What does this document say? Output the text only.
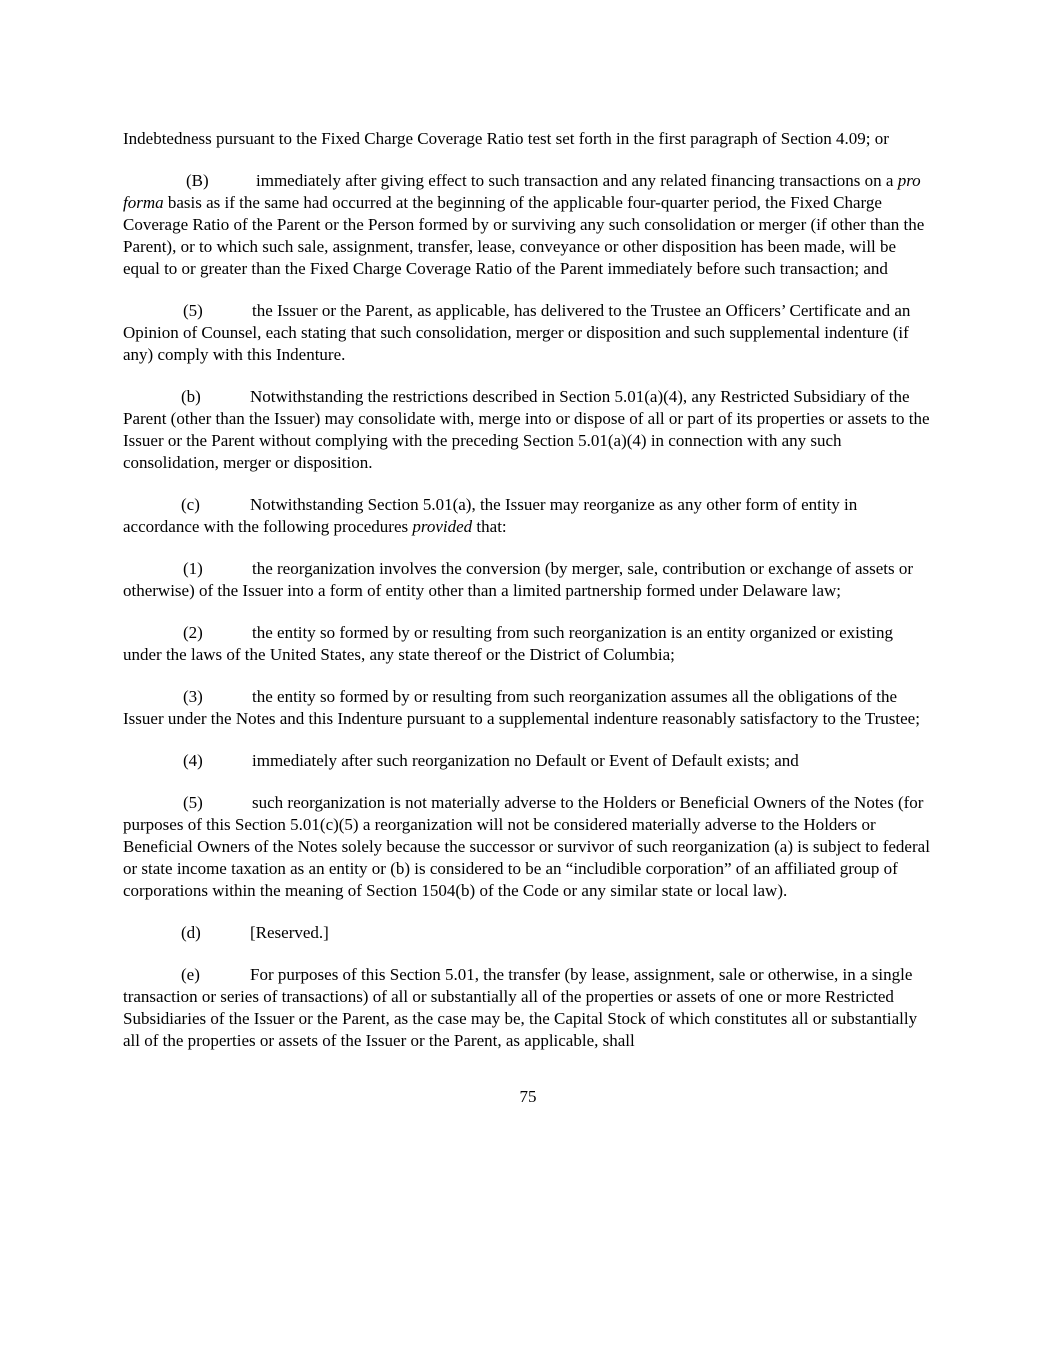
Indebtedness pursuant to the Fixed Charge Coverage Ratio test set forth in the first paragraph of Section 4.09; or

(B)	immediately after giving effect to such transaction and any related financing transactions on a pro forma basis as if the same had occurred at the beginning of the applicable four-quarter period, the Fixed Charge Coverage Ratio of the Parent or the Person formed by or surviving any such consolidation or merger (if other than the Parent), or to which such sale, assignment, transfer, lease, conveyance or other disposition has been made, will be equal to or greater than the Fixed Charge Coverage Ratio of the Parent immediately before such transaction; and

(5)	the Issuer or the Parent, as applicable, has delivered to the Trustee an Officers’ Certificate and an Opinion of Counsel, each stating that such consolidation, merger or disposition and such supplemental indenture (if any) comply with this Indenture.

(b)	Notwithstanding the restrictions described in Section 5.01(a)(4), any Restricted Subsidiary of the Parent (other than the Issuer) may consolidate with, merge into or dispose of all or part of its properties or assets to the Issuer or the Parent without complying with the preceding Section 5.01(a)(4) in connection with any such consolidation, merger or disposition.

(c)	Notwithstanding Section 5.01(a), the Issuer may reorganize as any other form of entity in accordance with the following procedures provided that:

(1)	the reorganization involves the conversion (by merger, sale, contribution or exchange of assets or otherwise) of the Issuer into a form of entity other than a limited partnership formed under Delaware law;

(2)	the entity so formed by or resulting from such reorganization is an entity organized or existing under the laws of the United States, any state thereof or the District of Columbia;

(3)	the entity so formed by or resulting from such reorganization assumes all the obligations of the Issuer under the Notes and this Indenture pursuant to a supplemental indenture reasonably satisfactory to the Trustee;

(4)	immediately after such reorganization no Default or Event of Default exists; and

(5)	such reorganization is not materially adverse to the Holders or Beneficial Owners of the Notes (for purposes of this Section 5.01(c)(5) a reorganization will not be considered materially adverse to the Holders or Beneficial Owners of the Notes solely because the successor or survivor of such reorganization (a) is subject to federal or state income taxation as an entity or (b) is considered to be an “includible corporation” of an affiliated group of corporations within the meaning of Section 1504(b) of the Code or any similar state or local law).

(d)	[Reserved.]

(e)	For purposes of this Section 5.01, the transfer (by lease, assignment, sale or otherwise, in a single transaction or series of transactions) of all or substantially all of the properties or assets of one or more Restricted Subsidiaries of the Issuer or the Parent, as the case may be, the Capital Stock of which constitutes all or substantially all of the properties or assets of the Issuer or the Parent, as applicable, shall

75
